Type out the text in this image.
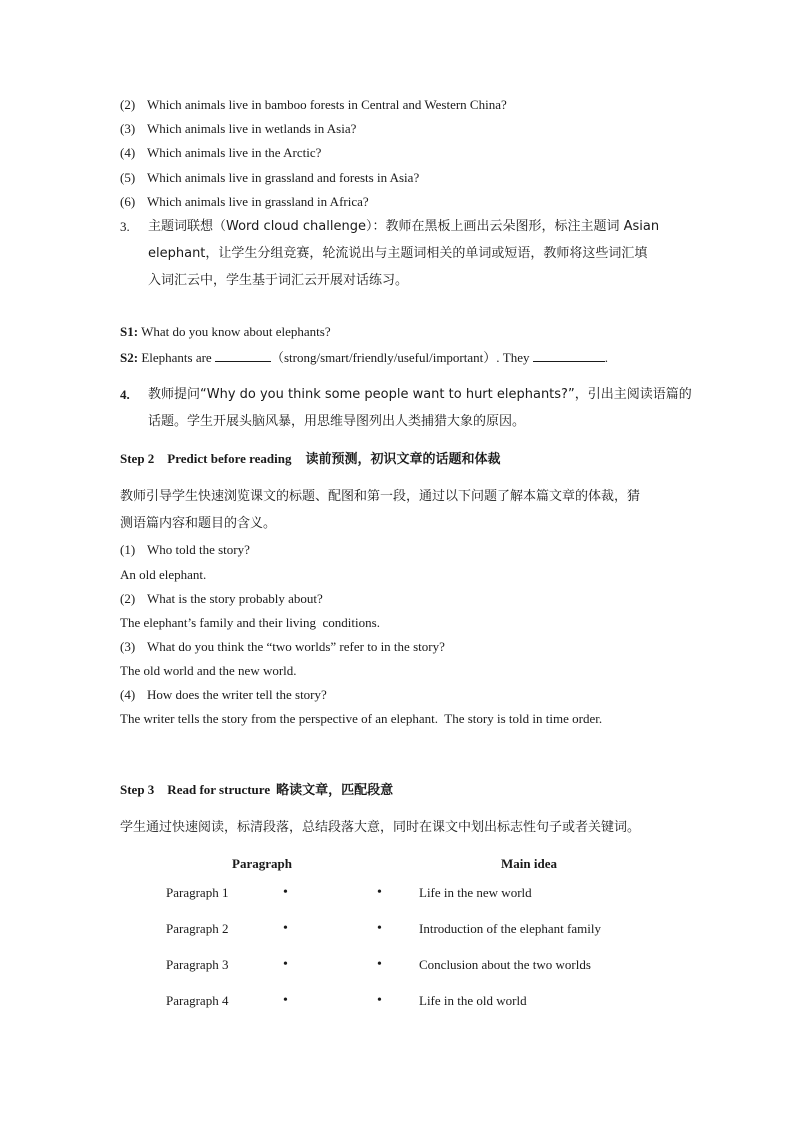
(2) Which animals live in bamboo forests in Central and Western China?
(3) Which animals live in wetlands in Asia?
(4) Which animals live in the Arctic?
(5) Which animals live in grassland and forests in Asia?
(6) Which animals live in grassland in Africa?
3. 主题词联想（Word cloud challenge）：教师在黑板上画出云朵图形，标注主题词 Asian
elephant，让学生分组竞赛，轮流说出与主题词相关的单词或短语，教师将这些词汇填
入词汇云中，学生基于词汇云开展对话练习。
S1: What do you know about elephants?
S2: Elephants are	（strong/smart/friendly/useful/important）. They	.
4. 教师提问“Why do you think some people want to hurt elephants?”，引出主阅读语篇的
话题。学生开展头脑风暴，用思维导图列出人类捕猎大象的原因。
Step 2    Predict before reading 读前预测，初识文章的话题和体裁
教师引导学生快速浏览课文的标题、配图和第一段，通过以下问题了解本篇文章的体裁，猜
测语篇内容和题目的含义。
(1) Who told the story?
An old elephant.
(2) What is the story probably about?
The elephant’s family and their living  conditions.
(3) What do you think the “two worlds” refer to in the story?
The old world and the new world.
(4) How does the writer tell the story?
The writer tells the story from the perspective of an elephant.  The story is told in time order.
Step 3    Read for structure 略读文章，匹配段意
学生通过快速阅读，标清段落，总结段落大意，同时在课文中划出标志性句子或者关键词。
Paragraph	Main idea
Paragraph 1	•	•	Life in the new world
Paragraph 2	•	•	Introduction of the elephant family
Paragraph 3	•	•	Conclusion about the two worlds
Paragraph 4	•	•	Life in the old world
